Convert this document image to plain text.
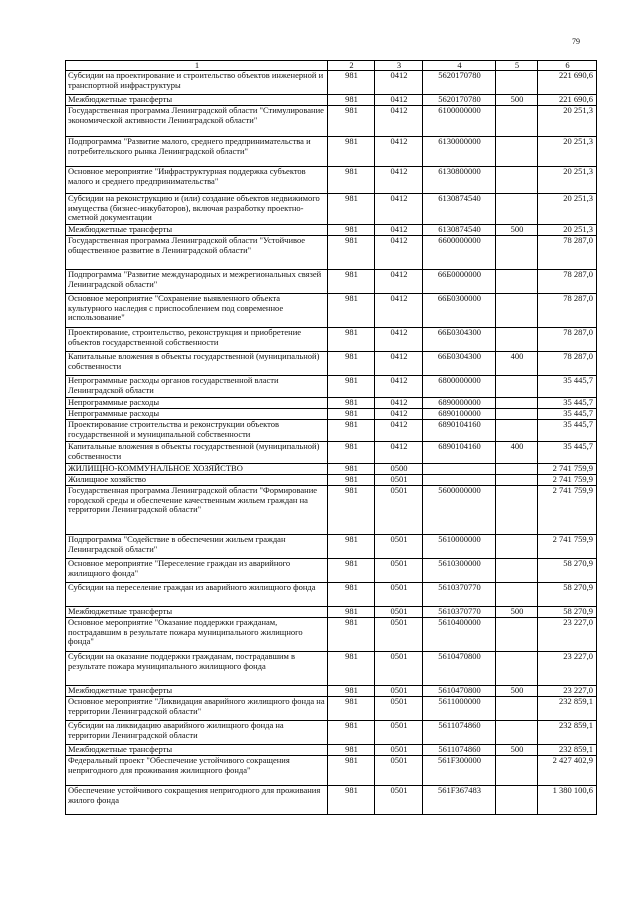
79
1	2	3	4	5	6
Субсидии на проектирование и строительство объектов инженерной и транспортной инфраструктуры	981	0412	5620170780		221 690,6
Межбюджетные трансферты	981	0412	5620170780	500	221 690,6
Государственная программа Ленинградской области "Стимулирование экономической активности Ленинградской области"	981	0412	6100000000		20 251,3
Подпрограмма "Развитие малого, среднего предпринимательства и потребительского рынка Ленинградской области"	981	0412	6130000000		20 251,3
Основное мероприятие "Инфраструктурная поддержка субъектов малого и среднего предпринимательства"	981	0412	6130800000		20 251,3
Субсидии на реконструкцию и (или) создание объектов недвижимого имущества (бизнес-инкубаторов), включая разработку проектно-сметной документации	981	0412	6130874540		20 251,3
Межбюджетные трансферты	981	0412	6130874540	500	20 251,3
Государственная программа Ленинградской области "Устойчивое общественное развитие в Ленинградской области"	981	0412	6600000000		78 287,0
Подпрограмма "Развитие международных и межрегиональных связей Ленинградской области"	981	0412	66Б0000000		78 287,0
Основное мероприятие "Сохранение выявленного объекта культурного наследия с приспособлением под современное использование"	981	0412	66Б0300000		78 287,0
Проектирование, строительство, реконструкция и приобретение объектов государственной собственности	981	0412	66Б0304300		78 287,0
Капитальные вложения в объекты государственной (муниципальной) собственности	981	0412	66Б0304300	400	78 287,0
Непрограммные расходы органов государственной власти Ленинградской области	981	0412	6800000000		35 445,7
Непрограммные расходы	981	0412	6890000000		35 445,7
Непрограммные расходы	981	0412	6890100000		35 445,7
Проектирование строительства и реконструкции объектов государственной и муниципальной собственности	981	0412	6890104160		35 445,7
Капитальные вложения в объекты государственной (муниципальной) собственности	981	0412	6890104160	400	35 445,7
ЖИЛИЩНО-КОММУНАЛЬНОЕ ХОЗЯЙСТВО	981	0500			2 741 759,9
Жилищное хозяйство	981	0501			2 741 759,9
Государственная программа Ленинградской области "Формирование городской среды и обеспечение качественным жильем граждан на территории Ленинградской области"	981	0501	5600000000		2 741 759,9
Подпрограмма "Содействие в обеспечении жильем граждан Ленинградской области"	981	0501	5610000000		2 741 759,9
Основное мероприятие "Переселение граждан из аварийного жилищного фонда"	981	0501	5610300000		58 270,9
Субсидии на переселение граждан из аварийного жилищного фонда	981	0501	5610370770		58 270,9
Межбюджетные трансферты	981	0501	5610370770	500	58 270,9
Основное мероприятие "Оказание поддержки гражданам, пострадавшим в результате пожара муниципального жилищного фонда"	981	0501	5610400000		23 227,0
Субсидии на оказание поддержки гражданам, пострадавшим в результате пожара муниципального жилищного фонда	981	0501	5610470800		23 227,0
Межбюджетные трансферты	981	0501	5610470800	500	23 227,0
Основное мероприятие "Ликвидация аварийного жилищного фонда на территории Ленинградской области"	981	0501	5611000000		232 859,1
Субсидии на ликвидацию аварийного жилищного фонда на территории Ленинградской области	981	0501	5611074860		232 859,1
Межбюджетные трансферты	981	0501	5611074860	500	232 859,1
Федеральный проект "Обеспечение устойчивого сокращения непригодного для проживания жилищного фонда"	981	0501	561F300000		2 427 402,9
Обеспечение устойчивого сокращения непригодного для проживания жилого фонда	981	0501	561F367483		1 380 100,6
